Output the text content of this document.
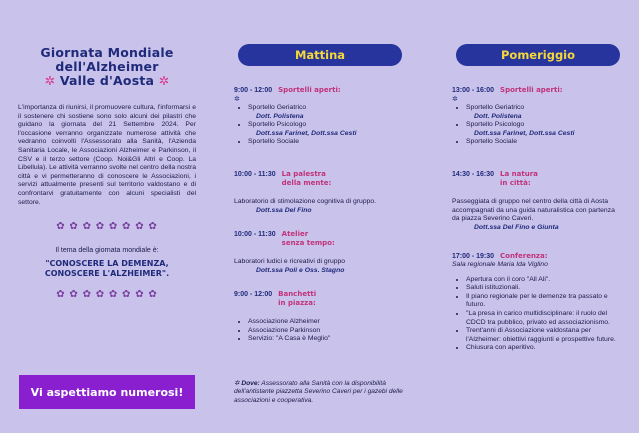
Giornata Mondiale
dell'Alzheimer
✲ Valle d'Aosta ✲

L'importanza di riunirsi, il promuovere cultura, l'informarsi e il sostenere chi sostiene sono solo alcuni dei pilastri che guidano la giornata del 21 Settembre 2024. Per l'occasione verranno organizzate numerose attività che vedranno coinvolti l'Assessorato alla Sanità, l'Azienda Sanitaria Locale, le Associazioni Alzheimer e Parkinson, il CSV e il terzo settore (Coop. Noi&Gli Altri e Coop. La Libellula). Le attività verranno svolte nel centro della nostra città e vi permetteranno di conoscere le Associazioni, i servizi attualmente presenti sul territorio valdostano e di confrontarvi gratuitamente con alcuni specialisti del settore.

✿ ✿ ✿ ✿ ✿ ✿ ✿ ✿
Il tema della giornata mondiale è:
"CONOSCERE LA DEMENZA,
CONOSCERE L'ALZHEIMER".
✿ ✿ ✿ ✿ ✿ ✿ ✿ ✿
Vi aspettiamo numerosi!
Mattina
9:00 - 12:00 Sportelli aperti:
✲
• Sportello Geriatrico
Dott. Polistena
• Sportello Psicologo
Dott.ssa Farinet, Dott.ssa Cesti
• Sportello Sociale
10:00 - 11:30 La palestra
della mente:
Laboratorio di stimolazione cognitiva di gruppo.
Dott.ssa Del Fino
10:00 - 11:30 Atelier
senza tempo:
Laboratori ludici e ricreativi di gruppo
Dott.ssa Poli e Oss. Stagno
9:00 - 12:00 Banchetti
in piazza:
• Associazione Alzheimer
• Associazione Parkinson
• Servizio: "A Casa è Meglio"
✲ Dove: Assessorato alla Sanità con la disponibilità dell'antistante piazzetta Severino Caveri per i gazebi delle associazioni e cooperativa.
Pomeriggio
13:00 - 16:00 Sportelli aperti:
✲
• Sportello Geriatrico
Dott. Polistena
• Sportello Psicologo
Dott.ssa Farinet, Dott.ssa Cesti
• Sportello Sociale
14:30 - 16:30 La natura
in città:
Passeggiata di gruppo nel centro della città di Aosta accompagnati da una guida naturalistica con partenza da piazza Severino Caveri.
Dott.ssa Del Fino e Giunta
17:00 - 19:30 Conferenza:
Sala regionale Maria Ida Viglino
• Apertura con il coro "All Ali".
• Saluti istituzionali.
• Il piano regionale per le demenze tra passato e futuro.
• "La presa in carico multidisciplinare: il ruolo del CDCD tra pubblico, privato ed associazionismo.
• Trent'anni di Associazione valdostana per l'Alzheimer: obiettivi raggiunti e prospettive future.
• Chiusura con aperitivo.
